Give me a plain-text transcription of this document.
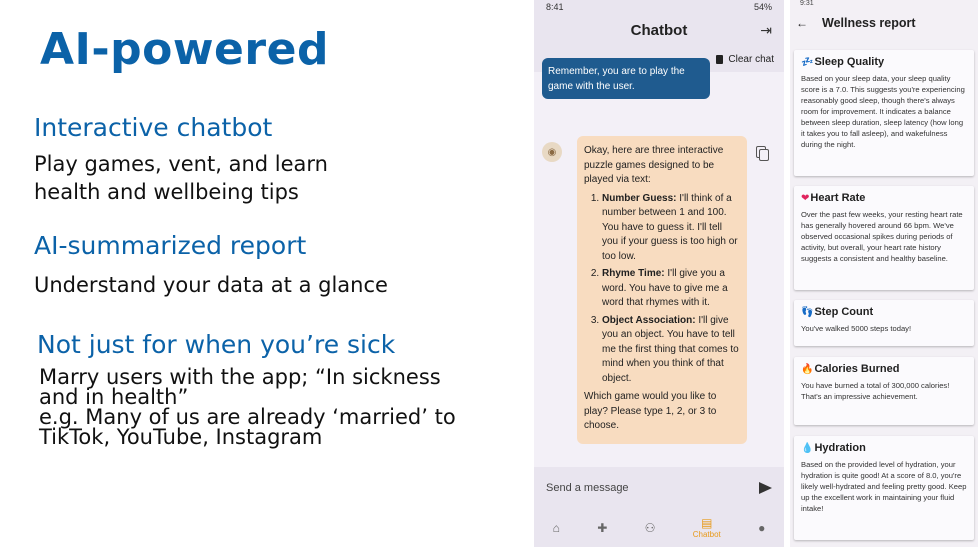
AI-powered
Interactive chatbot
Play games, vent, and learn
health and wellbeing tips
AI-summarized report
Understand your data at a glance
Not just for when you’re sick
Marry users with the app; “In sickness
and in health”
e.g. Many of us are already ‘married’ to
TikTok, YouTube, Instagram
8:41	54%
Chatbot	⇥
Clear chat
Remember, you are to play the game with the user.
◉	Okay, here are three interactive puzzle games designed to be played via text:
1. Number Guess: I'll think of a number between 1 and 100. You have to guess it. I'll tell you if your guess is too high or too low.
2. Rhyme Time: I'll give you a word. You have to give me a word that rhymes with it.
3. Object Association: I'll give you an object. You have to tell me the first thing that comes to mind when you think of that object.
Which game would you like to play? Please type 1, 2, or 3 to choose.
Send a message
⌂	✚	⚇	▤
Chatbot	●
9:31
← Wellness report
💤 Sleep Quality
Based on your sleep data, your sleep quality score is a 7.0. This suggests you're experiencing reasonably good sleep, though there's always room for improvement. It indicates a balance between sleep duration, sleep latency (how long it takes you to fall asleep), and wakefulness during the night.
❤ Heart Rate
Over the past few weeks, your resting heart rate has generally hovered around 66 bpm. We've observed occasional spikes during periods of activity, but overall, your heart rate history suggests a consistent and healthy baseline.
👣 Step Count
You've walked 5000 steps today!
🔥 Calories Burned
You have burned a total of 300,000 calories! That's an impressive achievement.
💧 Hydration
Based on the provided level of hydration, your hydration is quite good! At a score of 8.0, you're likely well-hydrated and feeling pretty good. Keep up the excellent work in maintaining your fluid intake!
